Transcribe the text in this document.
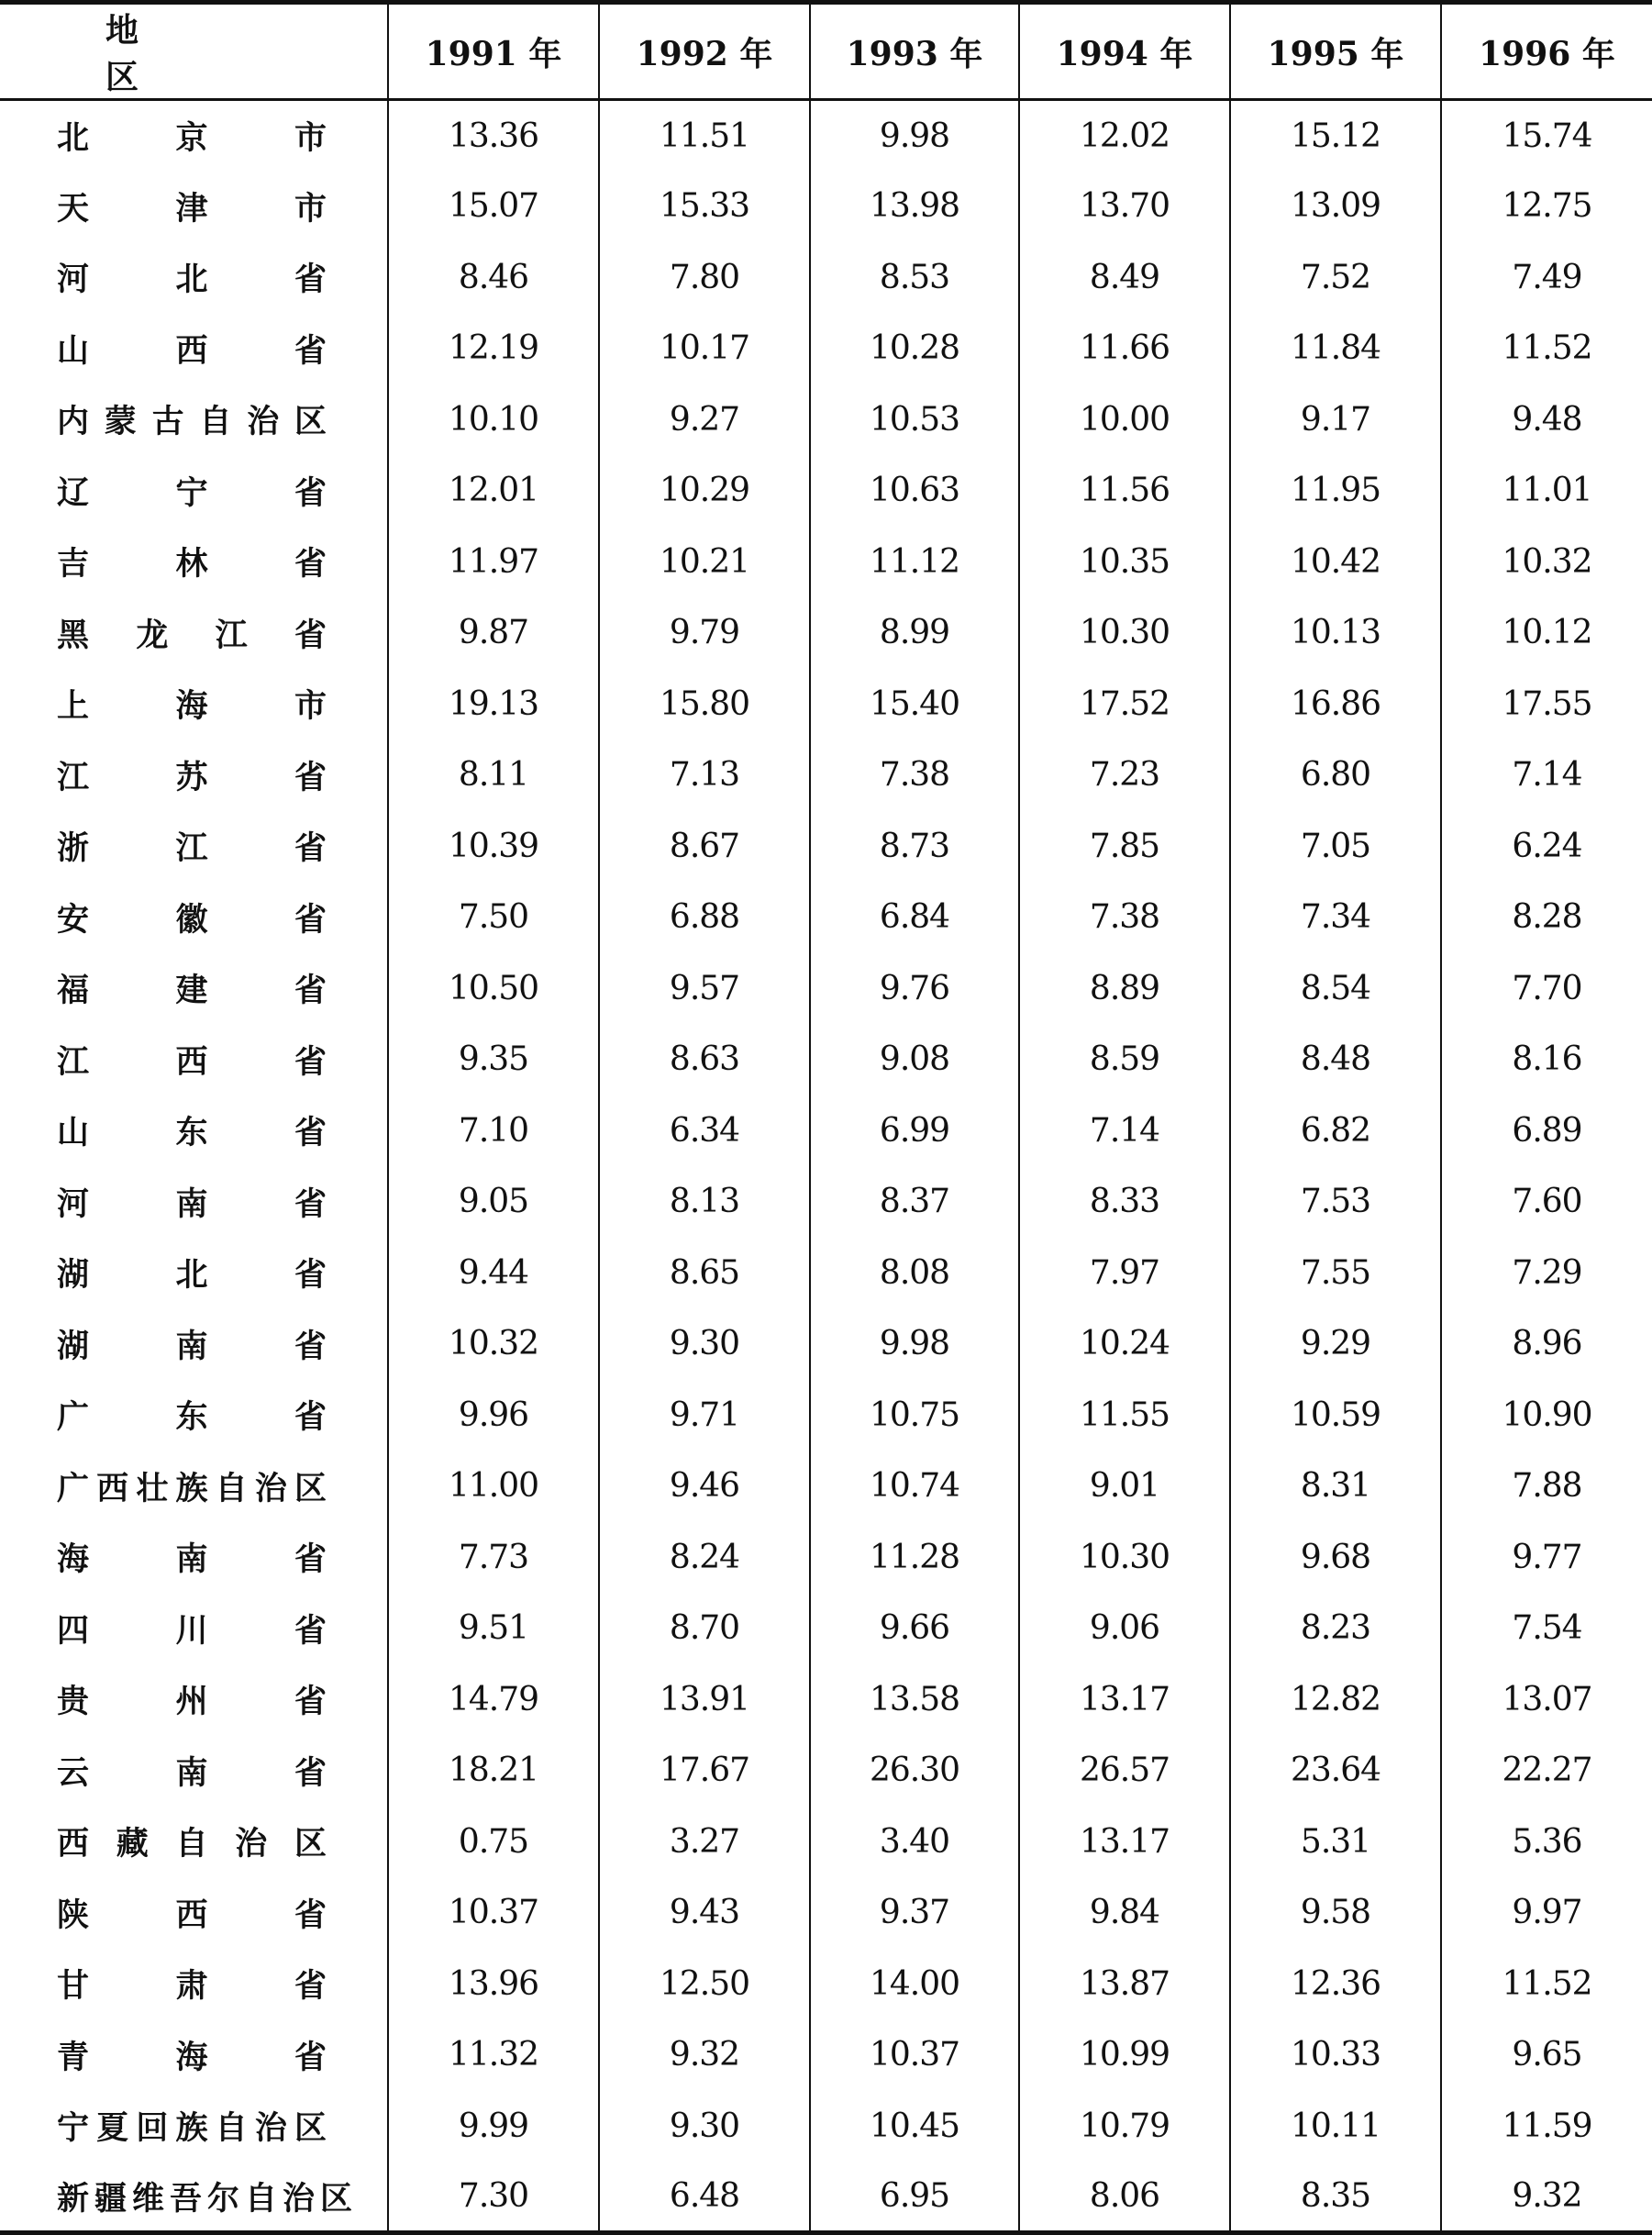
地　　　　区	1991 年	1992 年	1993 年	1994 年	1995 年	1996 年

北　京　市	13.36	11.51	9.98	12.02	15.12	15.74

天　津　市	15.07	15.33	13.98	13.70	13.09	12.75

河　北　省	8.46	7.80	8.53	8.49	7.52	7.49

山　西　省	12.19	10.17	10.28	11.66	11.84	11.52

内蒙古自治区	10.10	9.27	10.53	10.00	9.17	9.48

辽　宁　省	12.01	10.29	10.63	11.56	11.95	11.01

吉　林　省	11.97	10.21	11.12	10.35	10.42	10.32

黑 龙 江 省	9.87	9.79	8.99	10.30	10.13	10.12

上　海　市	19.13	15.80	15.40	17.52	16.86	17.55

江　苏　省	8.11	7.13	7.38	7.23	6.80	7.14

浙　江　省	10.39	8.67	8.73	7.85	7.05	6.24

安　徽　省	7.50	6.88	6.84	7.38	7.34	8.28

福　建　省	10.50	9.57	9.76	8.89	8.54	7.70

江　西　省	9.35	8.63	9.08	8.59	8.48	8.16

山　东　省	7.10	6.34	6.99	7.14	6.82	6.89

河　南　省	9.05	8.13	8.37	8.33	7.53	7.60

湖　北　省	9.44	8.65	8.08	7.97	7.55	7.29

湖　南　省	10.32	9.30	9.98	10.24	9.29	8.96

广　东　省	9.96	9.71	10.75	11.55	10.59	10.90

广西壮族自治区	11.00	9.46	10.74	9.01	8.31	7.88

海　南　省	7.73	8.24	11.28	10.30	9.68	9.77

四　川　省	9.51	8.70	9.66	9.06	8.23	7.54

贵　州　省	14.79	13.91	13.58	13.17	12.82	13.07

云　南　省	18.21	17.67	26.30	26.57	23.64	22.27

西 藏 自 治 区	0.75	3.27	3.40	13.17	5.31	5.36

陕　西　省	10.37	9.43	9.37	9.84	9.58	9.97

甘　肃　省	13.96	12.50	14.00	13.87	12.36	11.52

青　海　省	11.32	9.32	10.37	10.99	10.33	9.65

宁夏回族自治区	9.99	9.30	10.45	10.79	10.11	11.59

新疆维吾尔自治区	7.30	6.48	6.95	8.06	8.35	9.32
